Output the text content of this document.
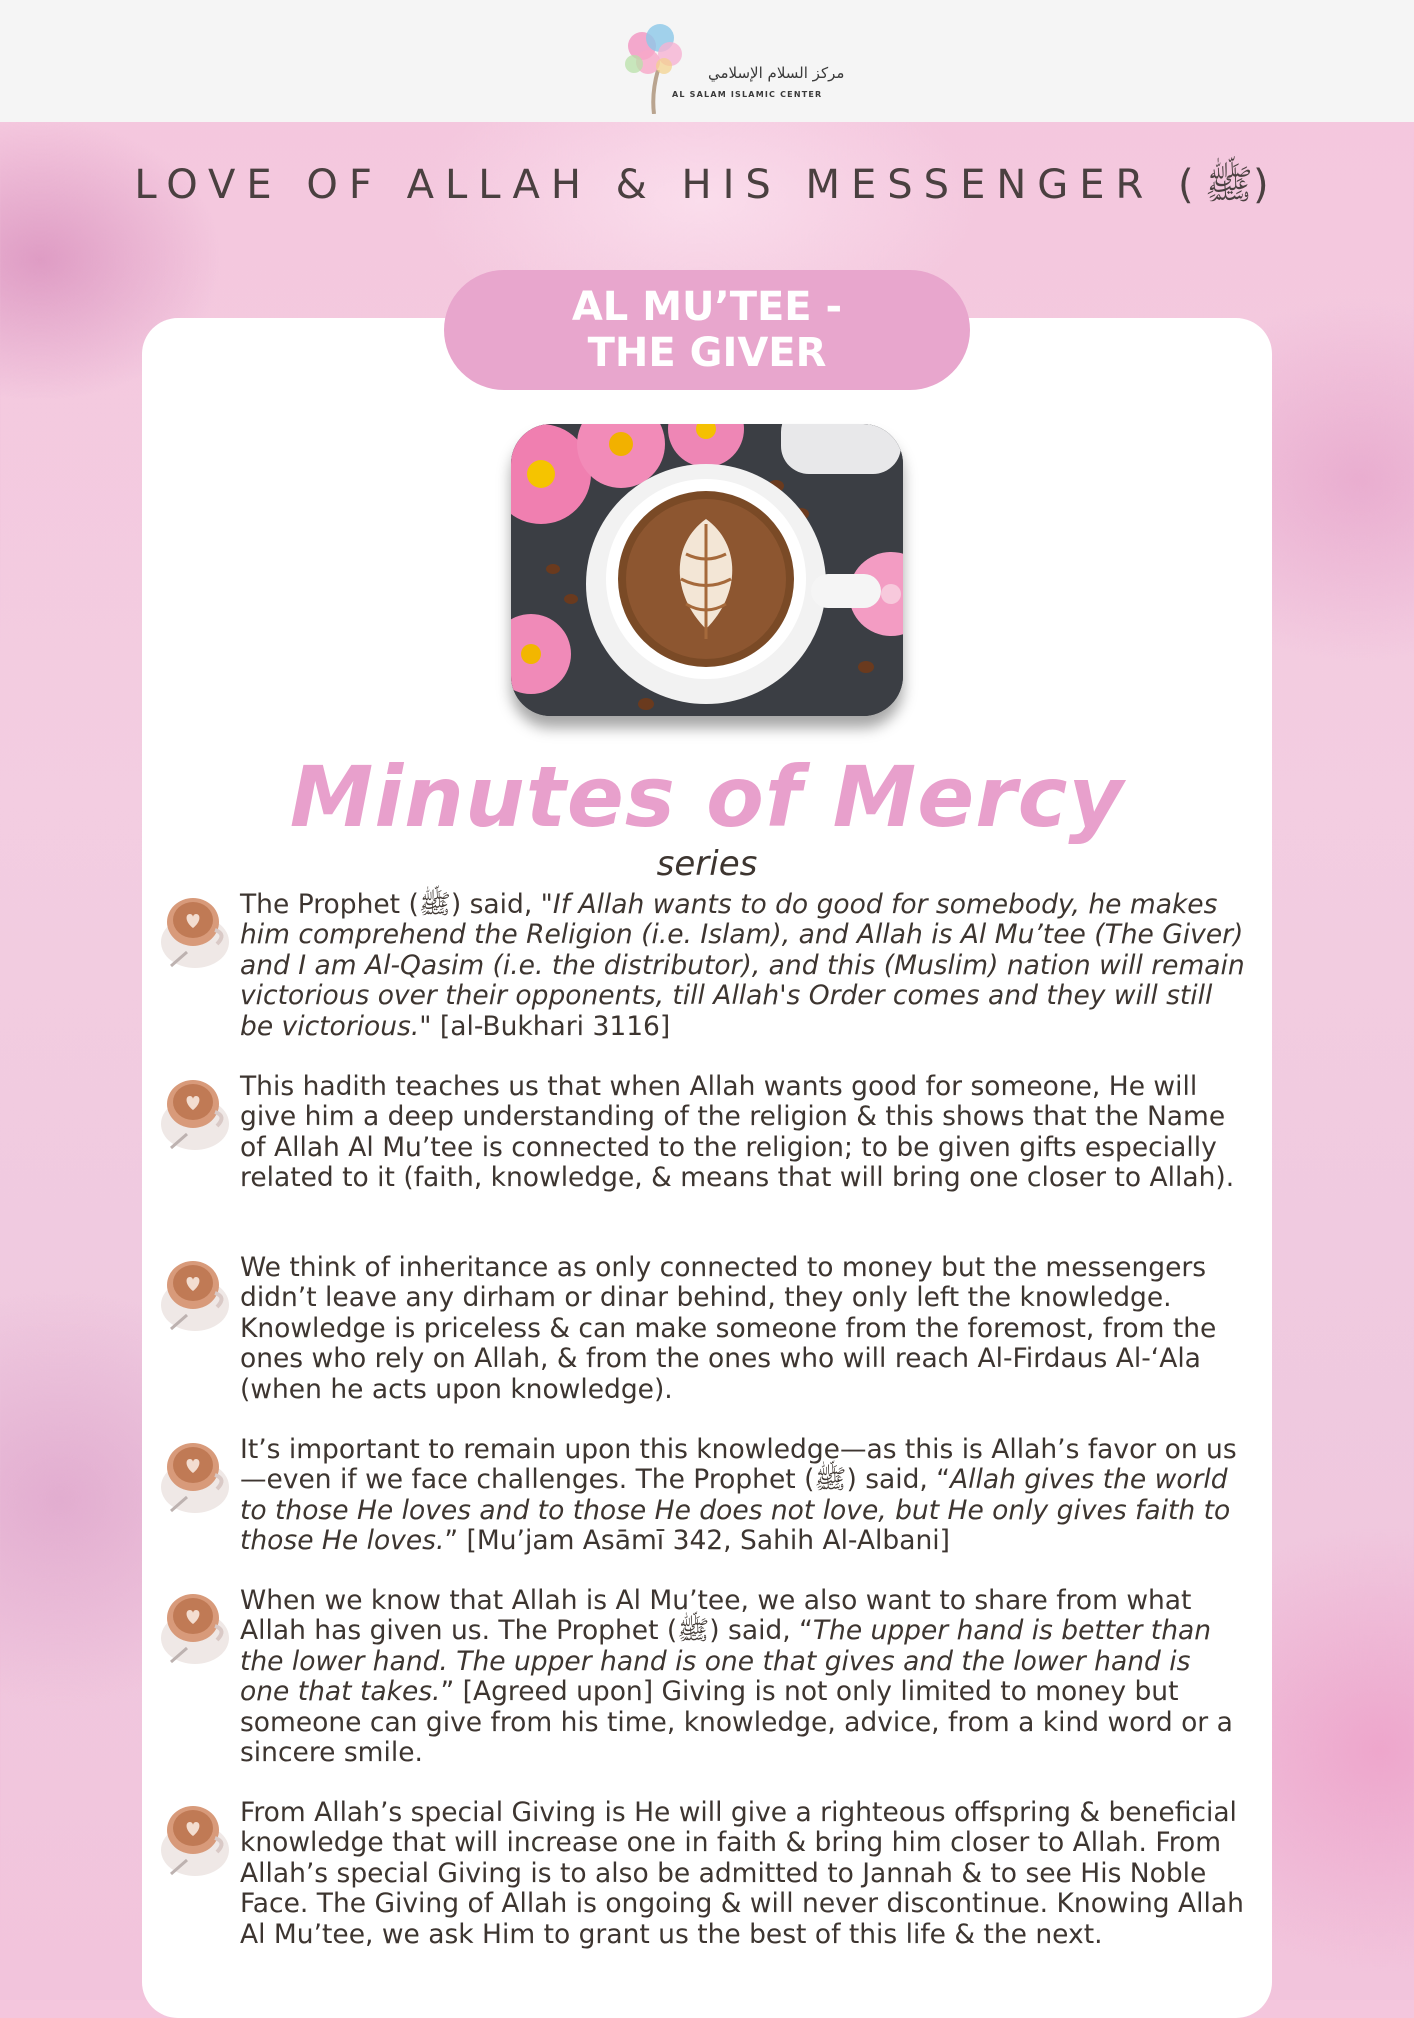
مركز السلام الإسلامي
AL SALAM ISLAMIC CENTER
LOVE OF ALLAH & HIS MESSENGER (ﷺ)
AL MU’TEE -
THE GIVER
Minutes of Mercy
series
The Prophet (ﷺ) said, "If Allah wants to do good for somebody, he makes him comprehend the Religion (i.e. Islam), and Allah is Al Mu’tee (The Giver) and I am Al-Qasim (i.e. the distributor), and this (Muslim) nation will remain victorious over their opponents, till Allah's Order comes and they will still be victorious." [al-Bukhari 3116]
This hadith teaches us that when Allah wants good for someone, He will give him a deep understanding of the religion & this shows that the Name of Allah Al Mu’tee is connected to the religion; to be given gifts especially related to it (faith, knowledge, & means that will bring one closer to Allah).
We think of inheritance as only connected to money but the messengers didn’t leave any dirham or dinar behind, they only left the knowledge. Knowledge is priceless & can make someone from the foremost, from the ones who rely on Allah, & from the ones who will reach Al-Firdaus Al-‘Ala (when he acts upon knowledge).
It’s important to remain upon this knowledge—as this is Allah’s favor on us—even if we face challenges. The Prophet (ﷺ) said, “Allah gives the world to those He loves and to those He does not love, but He only gives faith to those He loves.” [Mu’jam Asāmī 342, Sahih Al-Albani]
When we know that Allah is Al Mu’tee, we also want to share from what Allah has given us. The Prophet (ﷺ) said, “The upper hand is better than the lower hand. The upper hand is one that gives and the lower hand is one that takes.” [Agreed upon] Giving is not only limited to money but someone can give from his time, knowledge, advice, from a kind word or a sincere smile.
From Allah’s special Giving is He will give a righteous offspring & beneficial knowledge that will increase one in faith & bring him closer to Allah. From Allah’s special Giving is to also be admitted to Jannah & to see His Noble Face. The Giving of Allah is ongoing & will never discontinue. Knowing Allah Al Mu’tee, we ask Him to grant us the best of this life & the next.
